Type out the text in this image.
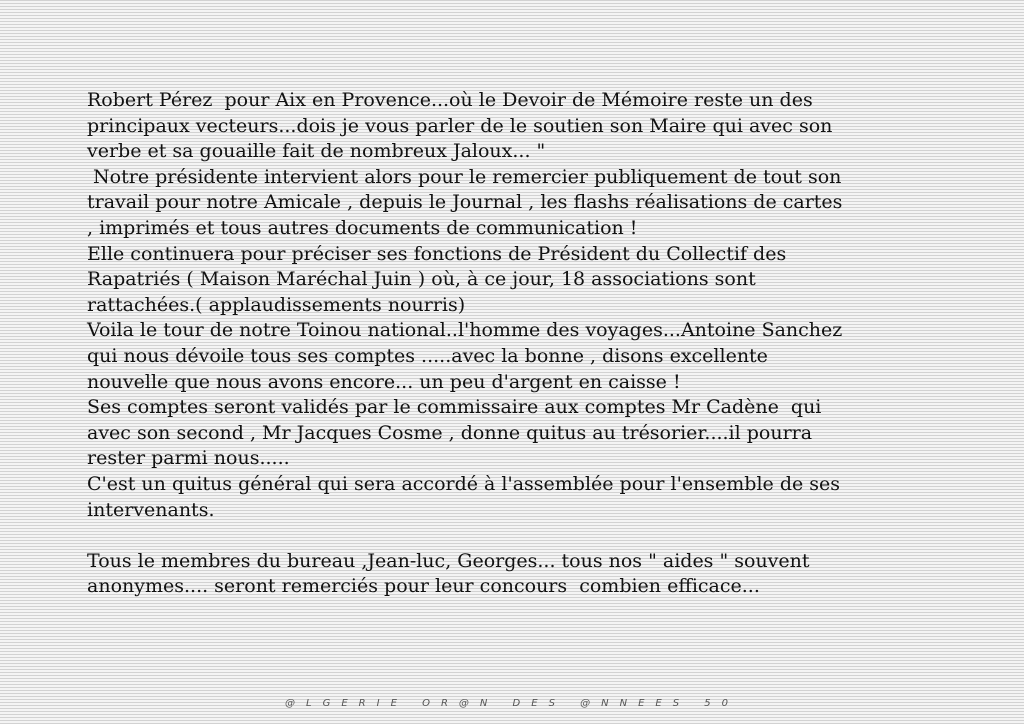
Robert Pérez  pour Aix en Provence...où le Devoir de Mémoire reste un des
principaux vecteurs...dois je vous parler de le soutien son Maire qui avec son
verbe et sa gouaille fait de nombreux Jaloux... "
Notre présidente intervient alors pour le remercier publiquement de tout son
travail pour notre Amicale , depuis le Journal , les flashs réalisations de cartes
, imprimés et tous autres documents de communication !
Elle continuera pour préciser ses fonctions de Président du Collectif des
Rapatriés ( Maison Maréchal Juin ) où, à ce jour, 18 associations sont
rattachées.( applaudissements nourris)
Voila le tour de notre Toinou national..l'homme des voyages...Antoine Sanchez
qui nous dévoile tous ses comptes .....avec la bonne , disons excellente
nouvelle que nous avons encore... un peu d'argent en caisse !
Ses comptes seront validés par le commissaire aux comptes Mr Cadène  qui
avec son second , Mr Jacques Cosme , donne quitus au trésorier....il pourra
rester parmi nous.....
C'est un quitus général qui sera accordé à l'assemblée pour l'ensemble de ses
intervenants.
Tous le membres du bureau ,Jean-luc, Georges... tous nos " aides " souvent
anonymes.... seront remerciés pour leur concours  combien efficace...
@LGERIE OR@N DES @NNEES 50
